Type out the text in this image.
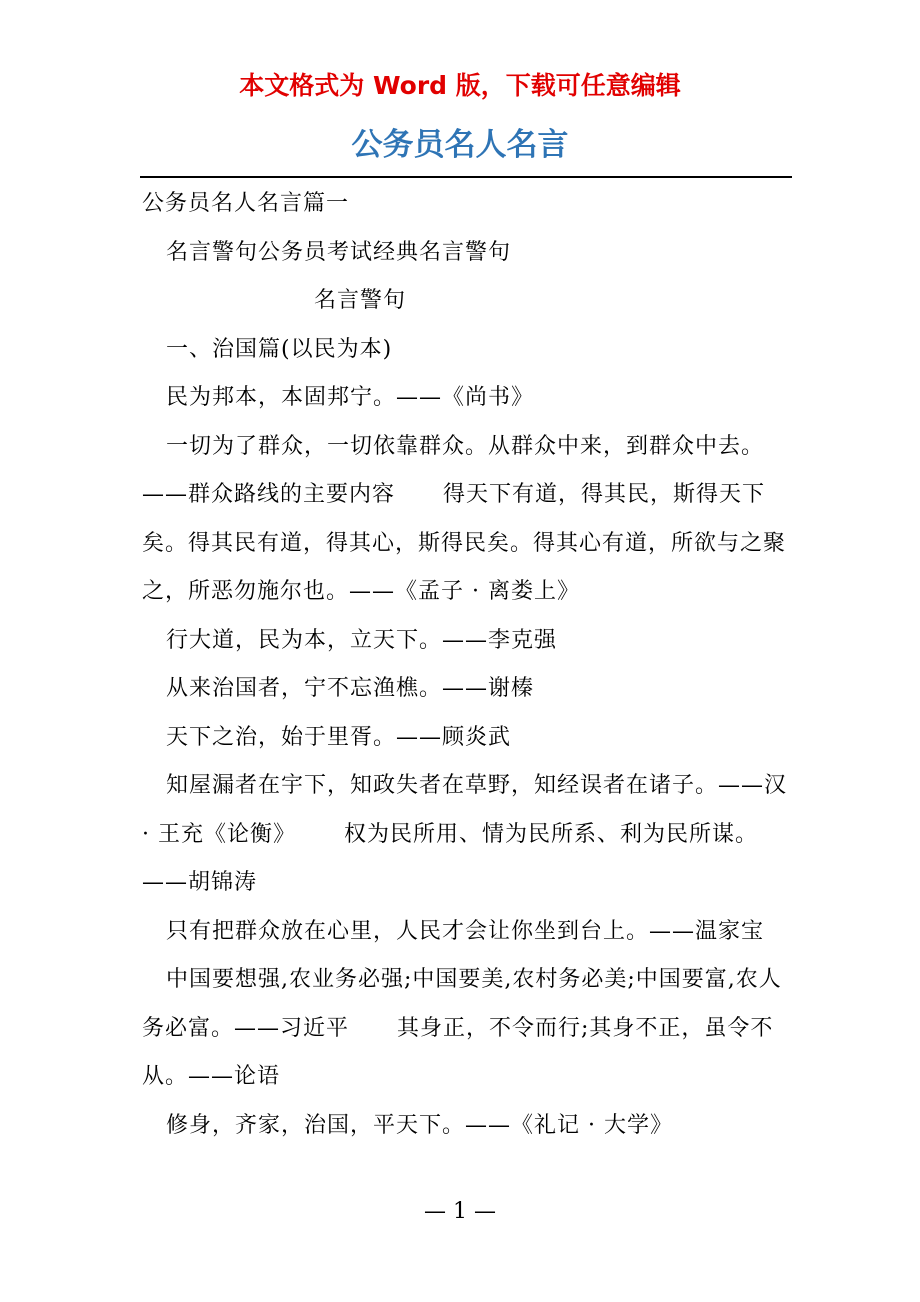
本文格式为 Word 版，下载可任意编辑
公务员名人名言

公务员名人名言篇一

名言警句公务员考试经典名言警句

名言警句

一、治国篇(以民为本)

民为邦本，本固邦宁。——《尚书》

一切为了群众，一切依靠群众。从群众中来，到群众中去。——群众路线的主要内容 得天下有道，得其民，斯得天下矣。得其民有道，得其心，斯得民矣。得其心有道，所欲与之聚之，所恶勿施尔也。——《孟子 · 离娄上》

行大道，民为本，立天下。——李克强

从来治国者，宁不忘渔樵。——谢榛

天下之治，始于里胥。——顾炎武

知屋漏者在宇下，知政失者在草野，知经误者在诸子。——汉 · 王充《论衡》 权为民所用、情为民所系、利为民所谋。——胡锦涛

只有把群众放在心里，人民才会让你坐到台上。——温家宝

中国要想强,农业务必强;中国要美,农村务必美;中国要富,农人务必富。——习近平 其身正，不令而行;其身不正，虽令不从。——论语

修身，齐家，治国，平天下。——《礼记 · 大学》

— 1 —
